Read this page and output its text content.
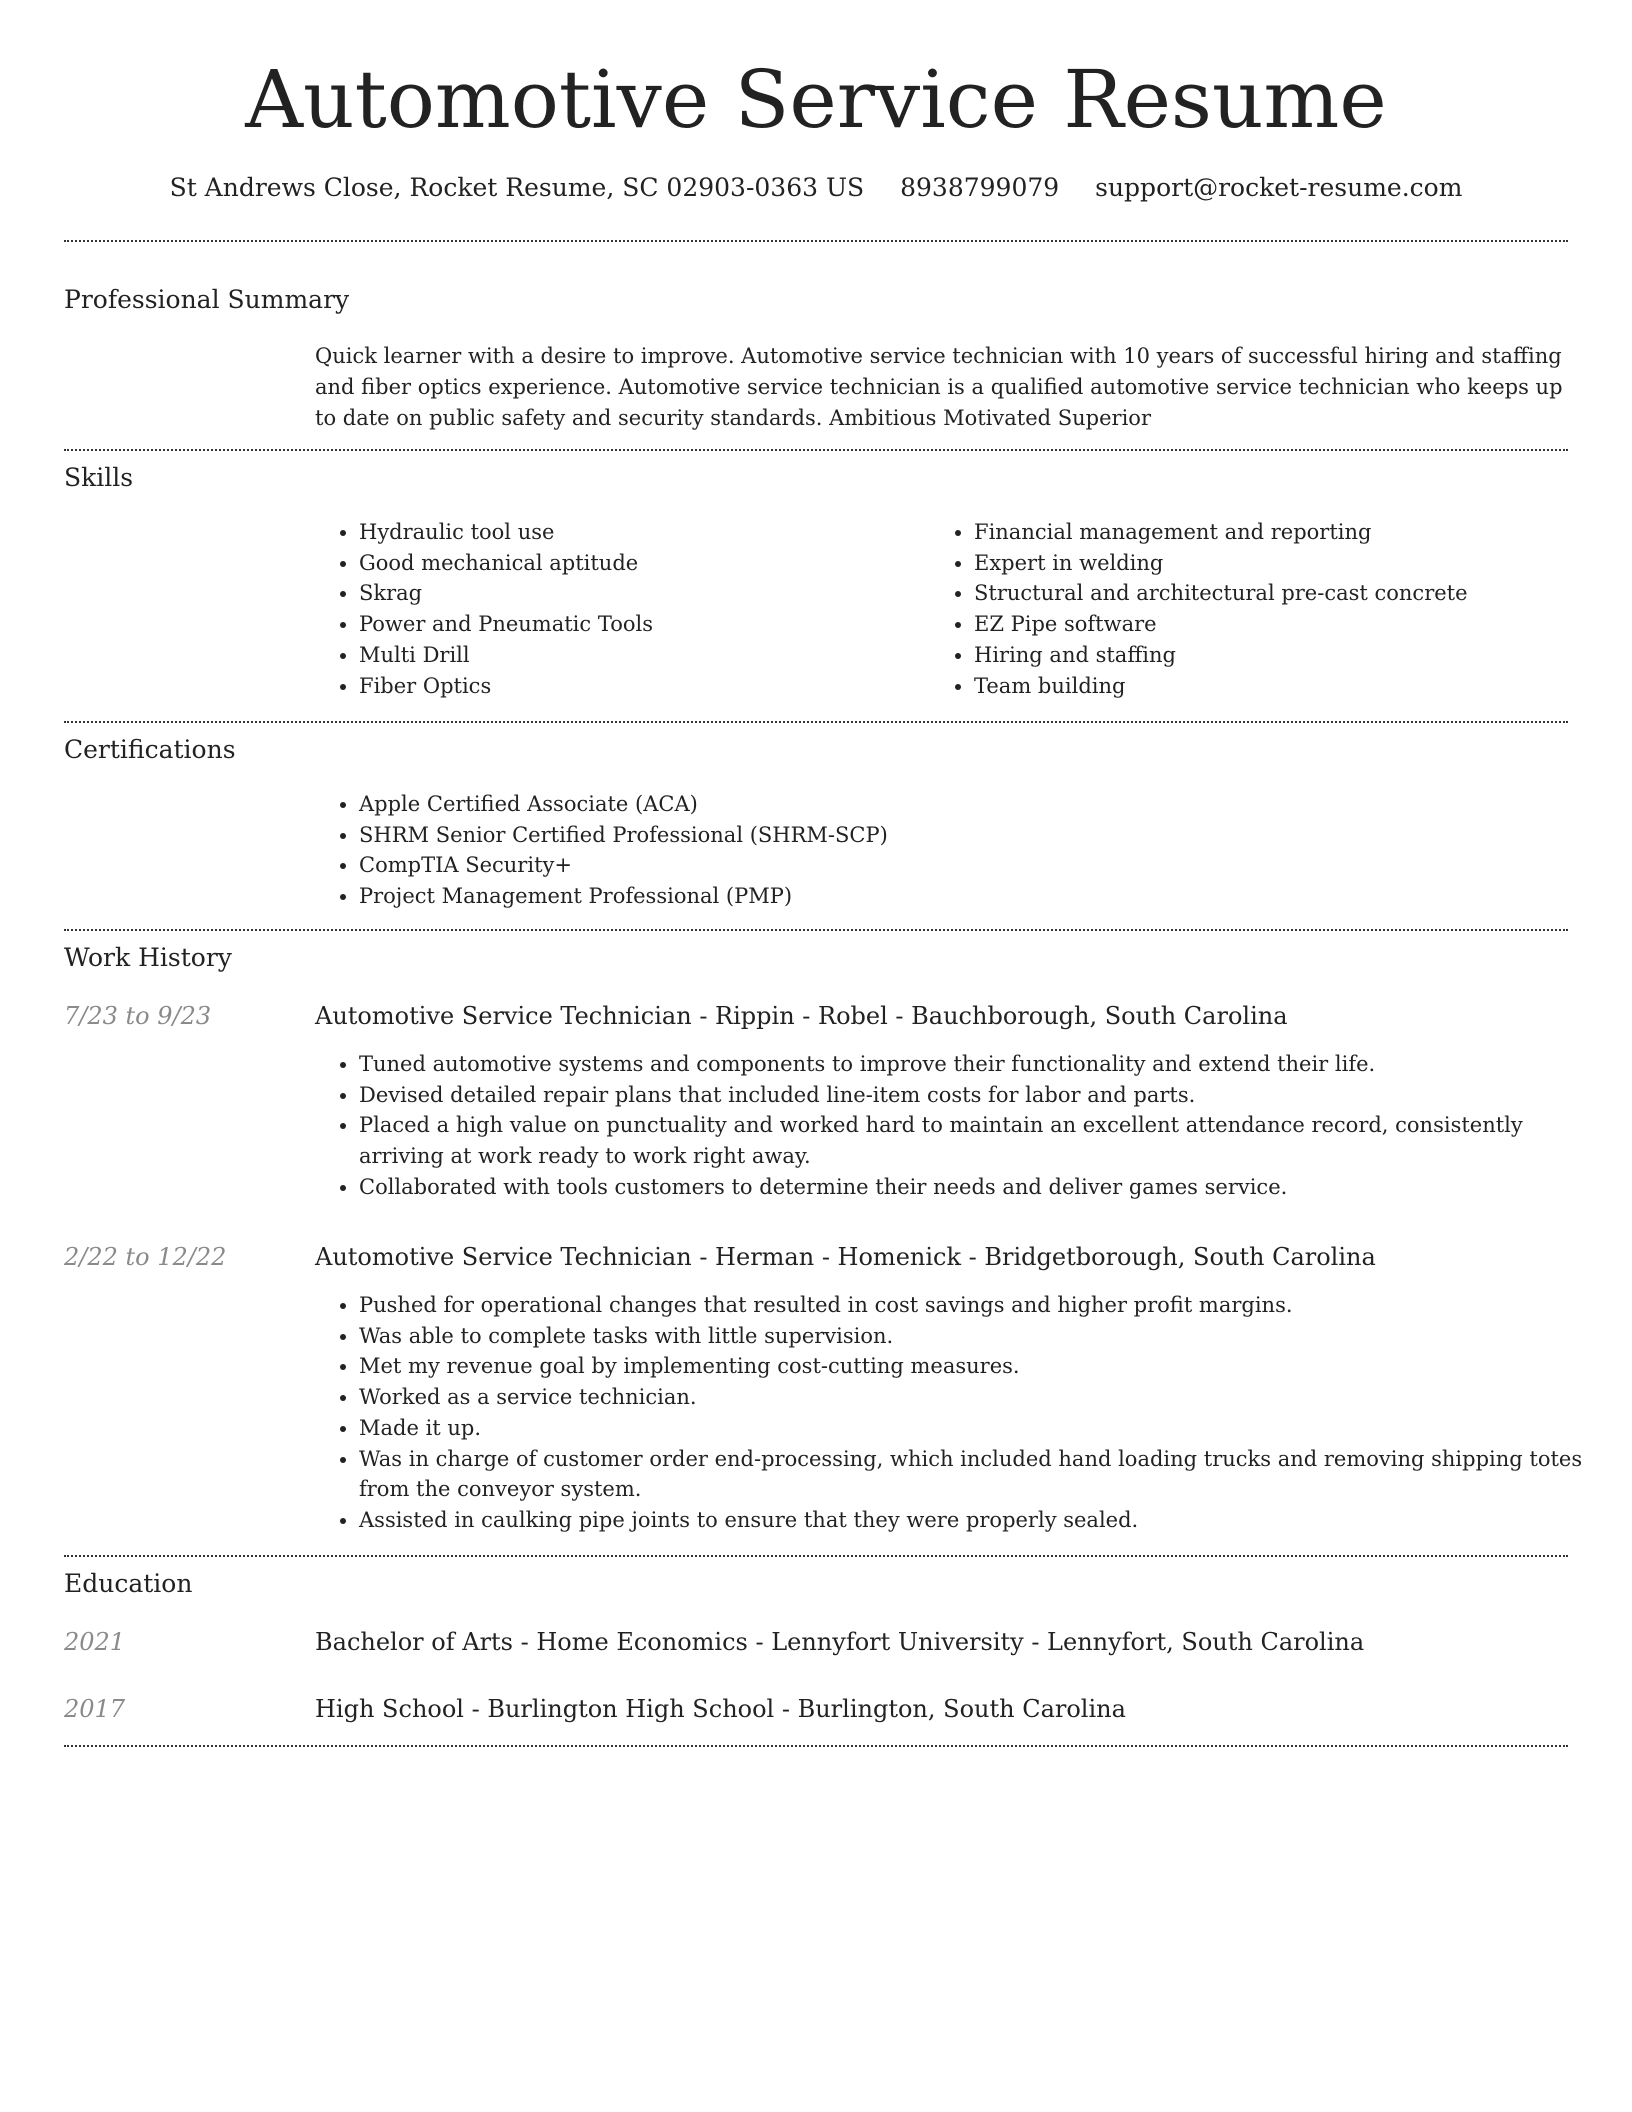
Automotive Service Resume
St Andrews Close, Rocket Resume, SC 02903-0363 US 8938799079 support@rocket-resume.com
Professional Summary
Quick learner with a desire to improve. Automotive service technician with 10 years of successful hiring and staffing and fiber optics experience. Automotive service technician is a qualified automotive service technician who keeps up to date on public safety and security standards. Ambitious Motivated Superior
Skills
• Hydraulic tool use
• Good mechanical aptitude
• Skrag
• Power and Pneumatic Tools
• Multi Drill
• Fiber Optics
• Financial management and reporting
• Expert in welding
• Structural and architectural pre-cast concrete
• EZ Pipe software
• Hiring and staffing
• Team building
Certifications
• Apple Certified Associate (ACA)
• SHRM Senior Certified Professional (SHRM-SCP)
• CompTIA Security+
• Project Management Professional (PMP)
Work History
7/23 to 9/23	Automotive Service Technician - Rippin - Robel - Bauchborough, South Carolina
• Tuned automotive systems and components to improve their functionality and extend their life.
• Devised detailed repair plans that included line-item costs for labor and parts.
• Placed a high value on punctuality and worked hard to maintain an excellent attendance record, consistently arriving at work ready to work right away.
• Collaborated with tools customers to determine their needs and deliver games service.
2/22 to 12/22	Automotive Service Technician - Herman - Homenick - Bridgetborough, South Carolina
• Pushed for operational changes that resulted in cost savings and higher profit margins.
• Was able to complete tasks with little supervision.
• Met my revenue goal by implementing cost-cutting measures.
• Worked as a service technician.
• Made it up.
• Was in charge of customer order end-processing, which included hand loading trucks and removing shipping totes from the conveyor system.
• Assisted in caulking pipe joints to ensure that they were properly sealed.
Education
2021	Bachelor of Arts - Home Economics - Lennyfort University - Lennyfort, South Carolina
2017	High School - Burlington High School - Burlington, South Carolina
